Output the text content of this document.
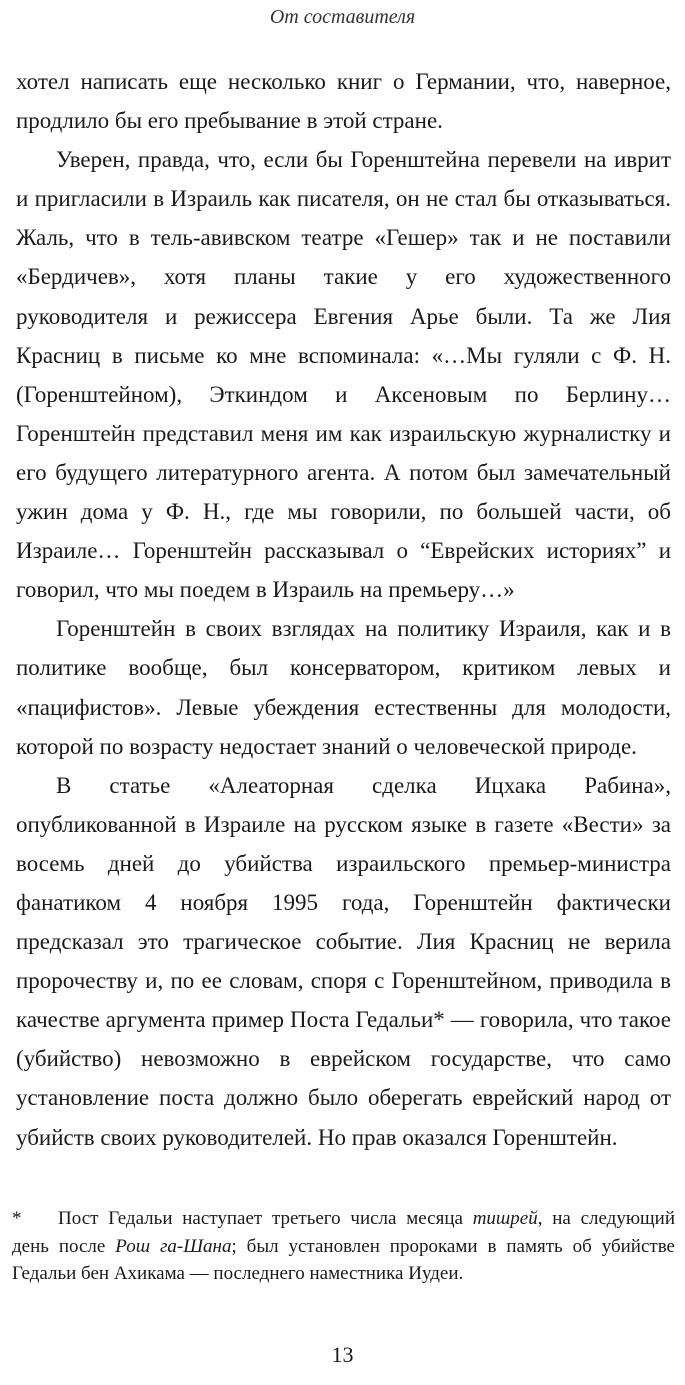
От составителя

хотел написать еще несколько книг о Германии, что, наверное, продлило бы его пребывание в этой стране.

Уверен, правда, что, если бы Горенштейна перевели на иврит и пригласили в Израиль как писателя, он не стал бы отказываться. Жаль, что в тель-авивском театре «Гешер» так и не поставили «Бердичев», хотя планы такие у его художественного руководителя и режиссера Евгения Арье были. Та же Лия Красниц в письме ко мне вспоминала: «…Мы гуляли с Ф. Н. (Горенштейном), Эткиндом и Аксеновым по Берлину… Горенштейн представил меня им как израильскую журналистку и его будущего литературного агента. А потом был замечательный ужин дома у Ф. Н., где мы говорили, по большей части, об Израиле… Горенштейн рассказывал о “Еврейских историях” и говорил, что мы поедем в Израиль на премьеру…»

Горенштейн в своих взглядах на политику Израиля, как и в политике вообще, был консерватором, критиком левых и «пацифистов». Левые убеждения естественны для молодости, которой по возрасту недостает знаний о человеческой природе.

В статье «Алеаторная сделка Ицхака Рабина», опубликованной в Израиле на русском языке в газете «Вести» за восемь дней до убийства израильского премьер-министра фанатиком 4 ноября 1995 года, Горенштейн фактически предсказал это трагическое событие. Лия Красниц не верила пророчеству и, по ее словам, споря с Горенштейном, приводила в качестве аргумента пример Поста Гедальи* — говорила, что такое (убийство) невозможно в еврейском государстве, что само установление поста должно было оберегать еврейский народ от убийств своих руководителей. Но прав оказался Горенштейн.

* Пост Гедальи наступает третьего числа месяца тишрей, на следующий день после Рош га-Шана; был установлен пророками в память об убийстве Гедальи бен Ахикама — последнего наместника Иудеи.

13
